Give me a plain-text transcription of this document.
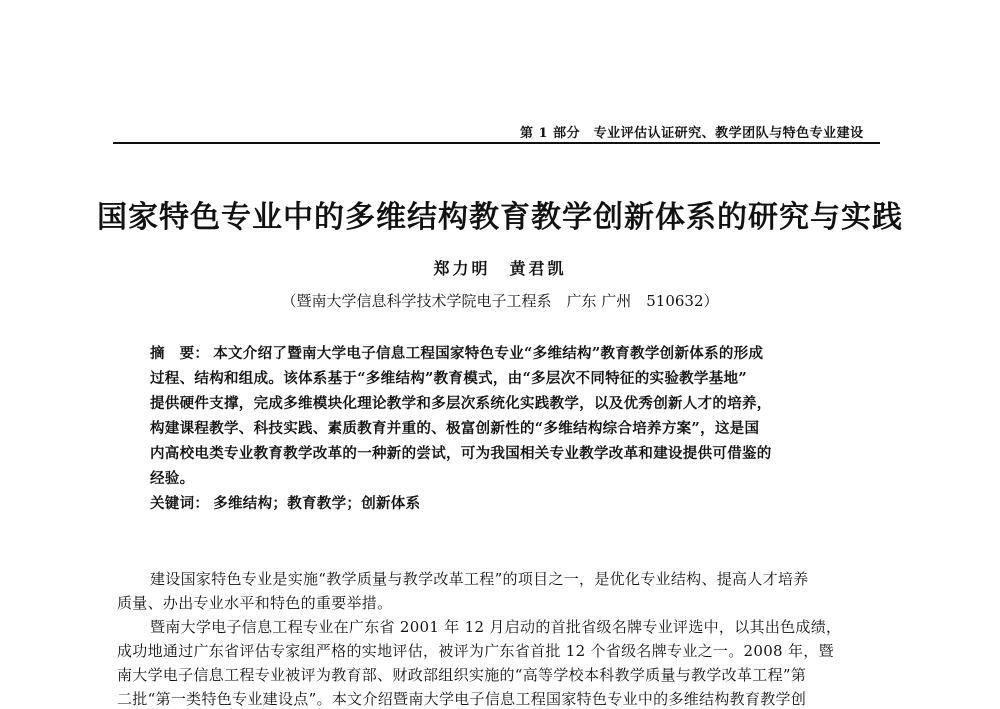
第 1 部分　专业评估认证研究、教学团队与特色专业建设
国家特色专业中的多维结构教育教学创新体系的研究与实践
郑力明　黄君凯
（暨南大学信息科学技术学院电子工程系　广东 广州　510632）
摘　要： 本文介绍了暨南大学电子信息工程国家特色专业“多维结构”教育教学创新体系的形成
过程、结构和组成。该体系基于“多维结构”教育模式，由“多层次不同特征的实验教学基地”
提供硬件支撑，完成多维模块化理论教学和多层次系统化实践教学，以及优秀创新人才的培养，
构建课程教学、科技实践、素质教育并重的、极富创新性的“多维结构综合培养方案”，这是国
内高校电类专业教育教学改革的一种新的尝试，可为我国相关专业教学改革和建设提供可借鉴的
经验。
关键词： 多维结构；教育教学；创新体系
建设国家特色专业是实施“教学质量与教学改革工程”的项目之一，是优化专业结构、提高人才培养
质量、办出专业水平和特色的重要举措。
暨南大学电子信息工程专业在广东省 2001 年 12 月启动的首批省级名牌专业评选中，以其出色成绩，
成功地通过广东省评估专家组严格的实地评估，被评为广东省首批 12 个省级名牌专业之一。2008 年，暨
南大学电子信息工程专业被评为教育部、财政部组织实施的“高等学校本科教学质量与教学改革工程”第
二批“第一类特色专业建设点”。本文介绍暨南大学电子信息工程国家特色专业中的多维结构教育教学创
